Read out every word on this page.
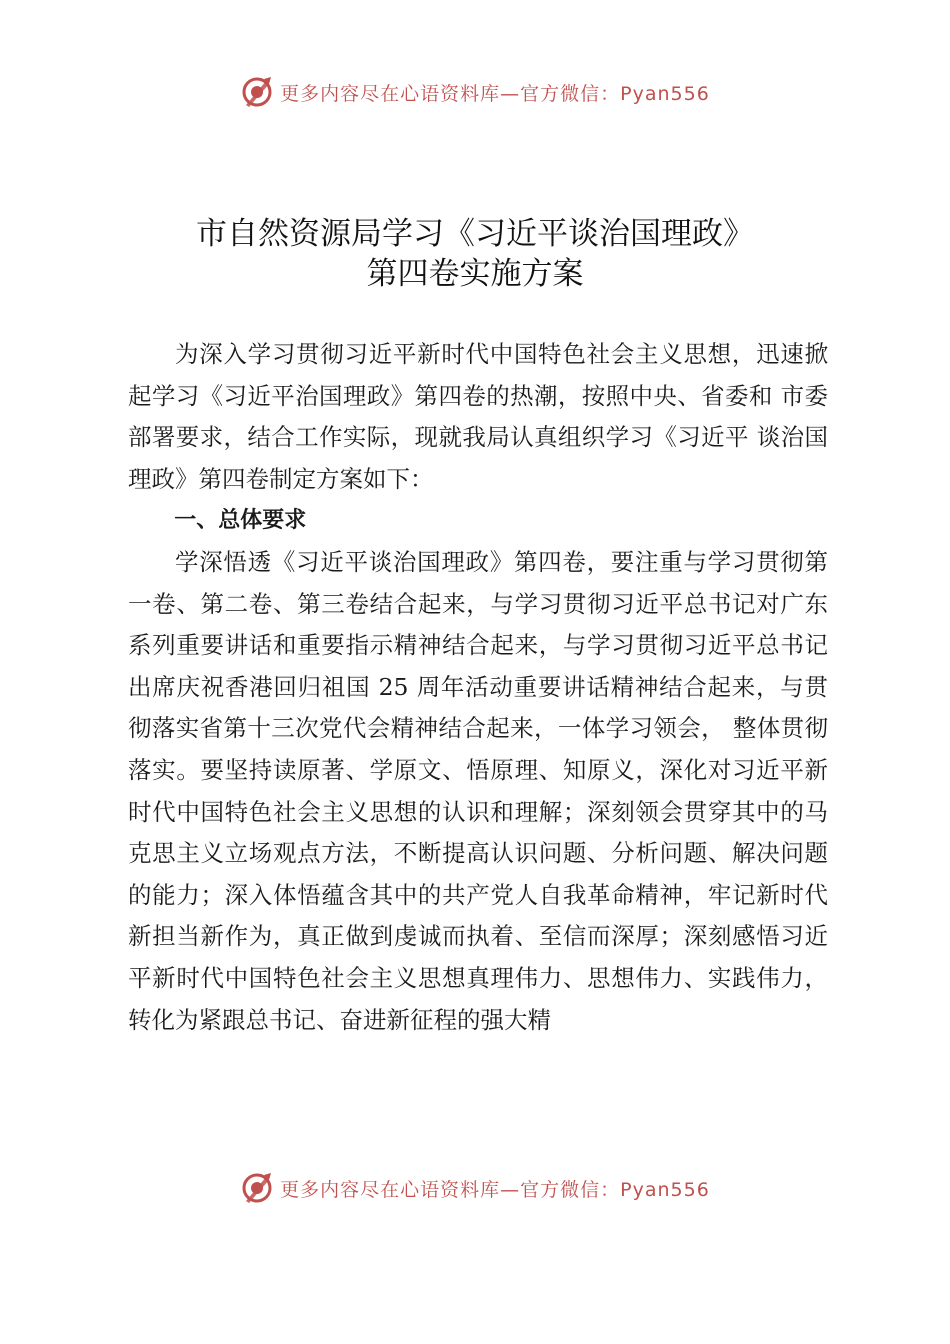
更多内容尽在心语资料库—官方微信：Pyan556
市自然资源局学习《习近平谈治国理政》
第四卷实施方案

为深入学习贯彻习近平新时代中国特色社会主义思想，迅速掀起学习《习近平治国理政》第四卷的热潮，按照中央、省委和 市委部署要求，结合工作实际，现就我局认真组织学习《习近平 谈治国理政》第四卷制定方案如下：

一、总体要求

学深悟透《习近平谈治国理政》第四卷，要注重与学习贯彻第一卷、第二卷、第三卷结合起来，与学习贯彻习近平总书记对广东系列重要讲话和重要指示精神结合起来，与学习贯彻习近平总书记出席庆祝香港回归祖国 25 周年活动重要讲话精神结合起来，与贯彻落实省第十三次党代会精神结合起来，一体学习领会， 整体贯彻落实。要坚持读原著、学原文、悟原理、知原义，深化对习近平新时代中国特色社会主义思想的认识和理解；深刻领会贯穿其中的马克思主义立场观点方法，不断提高认识问题、分析问题、解决问题的能力；深入体悟蕴含其中的共产党人自我革命精神，牢记新时代新担当新作为，真正做到虔诚而执着、至信而深厚；深刻感悟习近平新时代中国特色社会主义思想真理伟力、思想伟力、实践伟力，转化为紧跟总书记、奋进新征程的强大精

更多内容尽在心语资料库—官方微信：Pyan556
